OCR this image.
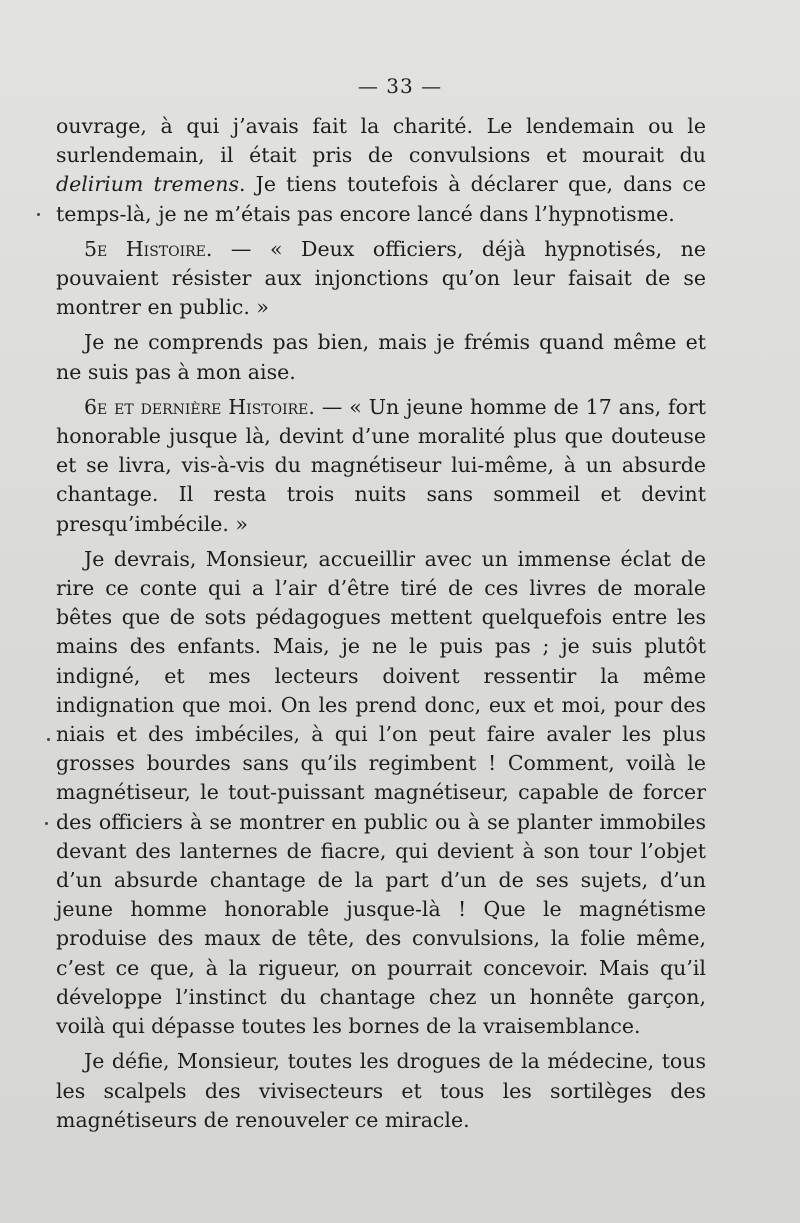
— 33 —

ouvrage, à qui j’avais fait la charité. Le lendemain ou le surlendemain, il était pris de convulsions et mourait du delirium tremens. Je tiens toutefois à déclarer que, dans ce temps-là, je ne m’étais pas encore lancé dans l’hypnotisme.

5e Histoire. — « Deux officiers, déjà hypnotisés, ne pouvaient résister aux injonctions qu’on leur faisait de se montrer en public. »

Je ne comprends pas bien, mais je frémis quand même et ne suis pas à mon aise.

6e et dernière Histoire. — « Un jeune homme de 17 ans, fort honorable jusque là, devint d’une moralité plus que douteuse et se livra, vis-à-vis du magnétiseur lui-même, à un absurde chantage. Il resta trois nuits sans sommeil et devint presqu’imbécile. »

Je devrais, Monsieur, accueillir avec un immense éclat de rire ce conte qui a l’air d’être tiré de ces livres de morale bêtes que de sots pédagogues mettent quelquefois entre les mains des enfants. Mais, je ne le puis pas ; je suis plutôt indigné, et mes lecteurs doivent ressentir la même indignation que moi. On les prend donc, eux et moi, pour des niais et des imbéciles, à qui l’on peut faire avaler les plus grosses bourdes sans qu’ils regimbent ! Comment, voilà le magnétiseur, le tout-puissant magnétiseur, capable de forcer des officiers à se montrer en public ou à se planter immobiles devant des lanternes de fiacre, qui devient à son tour l’objet d’un absurde chantage de la part d’un de ses sujets, d’un jeune homme honorable jusque-là ! Que le magnétisme produise des maux de tête, des convulsions, la folie même, c’est ce que, à la rigueur, on pourrait concevoir. Mais qu’il développe l’instinct du chantage chez un honnête garçon, voilà qui dépasse toutes les bornes de la vraisemblance.

Je défie, Monsieur, toutes les drogues de la médecine, tous les scalpels des vivisecteurs et tous les sortilèges des magnétiseurs de renouveler ce miracle.
